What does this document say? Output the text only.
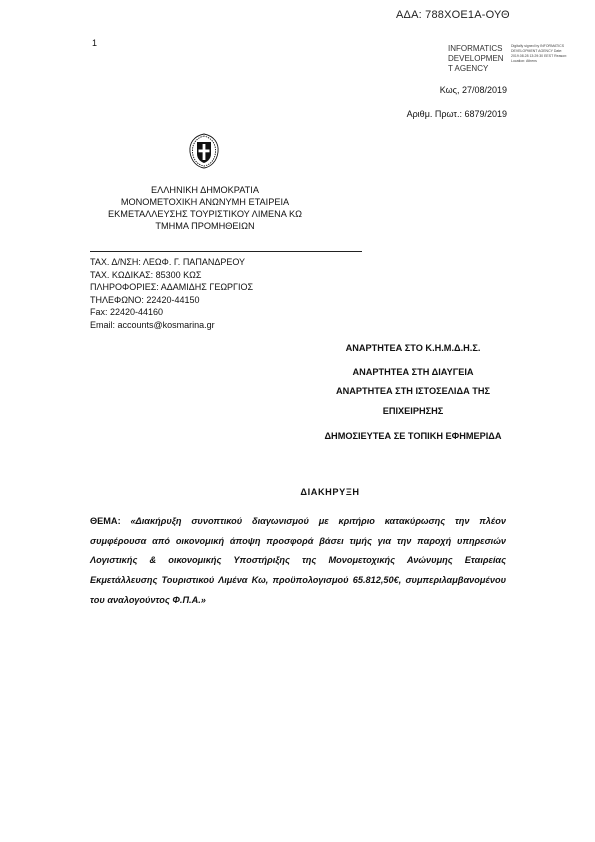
ΑΔΑ: 788ΧΟΕ1Α-ΟΥΘ
1
INFORMATICS
DEVELOPMEN
T AGENCY
Digitally signed by INFORMATICS DEVELOPMENT AGENCY Date: 2019.08.28 13:29:30 EEST Reason: Location: Athens
Κως, 27/08/2019
Αριθμ. Πρωτ.: 6879/2019
ΕΛΛΗΝΙΚΗ ΔΗΜΟΚΡΑΤΙΑ
ΜΟΝΟΜΕΤΟΧΙΚΗ ΑΝΩΝΥΜΗ ΕΤΑΙΡΕΙΑ
ΕΚΜΕΤΑΛΛΕΥΣΗΣ ΤΟΥΡΙΣΤΙΚΟΥ ΛΙΜΕΝΑ ΚΩ
ΤΜΗΜΑ ΠΡΟΜΗΘΕΙΩΝ
ΤΑΧ. Δ/ΝΣΗ: ΛΕΩΦ. Γ. ΠΑΠΑΝΔΡΕΟΥ
ΤΑΧ. ΚΩΔΙΚΑΣ: 85300 ΚΩΣ
ΠΛΗΡΟΦΟΡΙΕΣ: ΑΔΑΜΙΔΗΣ ΓΕΩΡΓΙΟΣ
ΤΗΛΕΦΩΝΟ: 22420-44150
Fax: 22420-44160
Email: accounts@kosmarina.gr
ΑΝΑΡΤΗΤΕΑ ΣΤΟ Κ.Η.Μ.Δ.Η.Σ.
ΑΝΑΡΤΗΤΕΑ ΣΤΗ ΔΙΑΥΓΕΙΑ
ΑΝΑΡΤΗΤΕΑ ΣΤΗ ΙΣΤΟΣΕΛΙΔΑ ΤΗΣ
ΕΠΙΧΕΙΡΗΣΗΣ
ΔΗΜΟΣΙΕΥΤΕΑ ΣΕ ΤΟΠΙΚΗ ΕΦΗΜΕΡΙΔΑ
ΔΙΑΚΗΡΥΞΗ
ΘΕΜΑ: «Διακήρυξη συνοπτικού διαγωνισμού με κριτήριο κατακύρωσης την πλέον συμφέρουσα από οικονομική άποψη προσφορά βάσει τιμής για την παροχή υπηρεσιών Λογιστικής & οικονομικής Υποστήριξης της Μονομετοχικής Ανώνυμης Εταιρείας Εκμετάλλευσης Τουριστικού Λιμένα Κω, προϋπολογισμού 65.812,50€, συμπεριλαμβανομένου του αναλογούντος Φ.Π.Α.»
